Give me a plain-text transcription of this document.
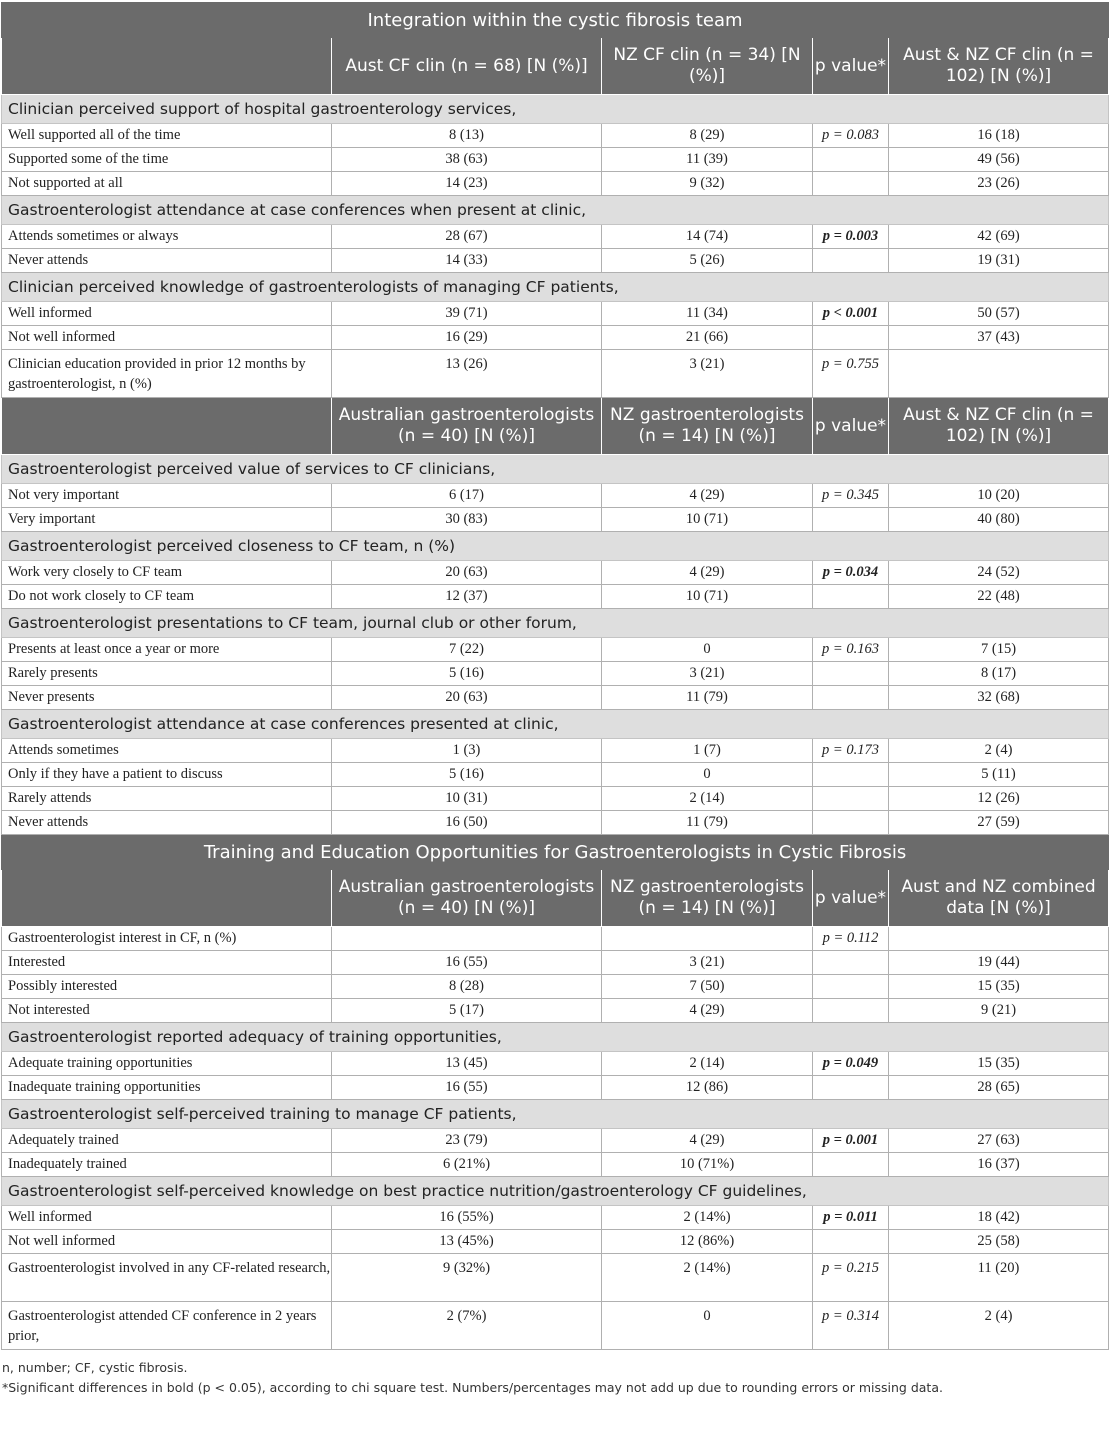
Integration within the cystic fibrosis team				
	Aust CF clin (n = 68) [N (%)]	NZ CF clin (n = 34) [N (%)]	p value*	Aust & NZ CF clin (n = 102) [N (%)]
Clinician perceived support of hospital gastroenterology services,				
Well supported all of the time	8 (13)	8 (29)	p = 0.083	16 (18)
Supported some of the time	38 (63)	11 (39)		49 (56)
Not supported at all	14 (23)	9 (32)		23 (26)
Gastroenterologist attendance at case conferences when present at clinic,				
Attends sometimes or always	28 (67)	14 (74)	p = 0.003	42 (69)
Never attends	14 (33)	5 (26)		19 (31)
Clinician perceived knowledge of gastroenterologists of managing CF patients,				
Well informed	39 (71)	11 (34)	p < 0.001	50 (57)
Not well informed	16 (29)	21 (66)		37 (43)
Clinician education provided in prior 12 months by gastroenterologist, n (%)	13 (26)	3 (21)	p = 0.755	
	Australian gastroenterologists (n = 40) [N (%)]	NZ gastroenterologists (n = 14) [N (%)]	p value*	Aust & NZ CF clin (n = 102) [N (%)]
Gastroenterologist perceived value of services to CF clinicians,				
Not very important	6 (17)	4 (29)	p = 0.345	10 (20)
Very important	30 (83)	10 (71)		40 (80)
Gastroenterologist perceived closeness to CF team, n (%)				
Work very closely to CF team	20 (63)	4 (29)	p = 0.034	24 (52)
Do not work closely to CF team	12 (37)	10 (71)		22 (48)
Gastroenterologist presentations to CF team, journal club or other forum,				
Presents at least once a year or more	7 (22)	0	p = 0.163	7 (15)
Rarely presents	5 (16)	3 (21)		8 (17)
Never presents	20 (63)	11 (79)		32 (68)
Gastroenterologist attendance at case conferences presented at clinic,				
Attends sometimes	1 (3)	1 (7)	p = 0.173	2 (4)
Only if they have a patient to discuss	5 (16)	0		5 (11)
Rarely attends	10 (31)	2 (14)		12 (26)
Never attends	16 (50)	11 (79)		27 (59)
Training and Education Opportunities for Gastroenterologists in Cystic Fibrosis				
	Australian gastroenterologists (n = 40) [N (%)]	NZ gastroenterologists (n = 14) [N (%)]	p value*	Aust and NZ combined data [N (%)]
Gastroenterologist interest in CF, n (%)			p = 0.112	
Interested	16 (55)	3 (21)		19 (44)
Possibly interested	8 (28)	7 (50)		15 (35)
Not interested	5 (17)	4 (29)		9 (21)
Gastroenterologist reported adequacy of training opportunities,				
Adequate training opportunities	13 (45)	2 (14)	p = 0.049	15 (35)
Inadequate training opportunities	16 (55)	12 (86)		28 (65)
Gastroenterologist self-perceived training to manage CF patients,				
Adequately trained	23 (79)	4 (29)	p = 0.001	27 (63)
Inadequately trained	6 (21%)	10 (71%)		16 (37)
Gastroenterologist self-perceived knowledge on best practice nutrition/gastroenterology CF guidelines,				
Well informed	16 (55%)	2 (14%)	p = 0.011	18 (42)
Not well informed	13 (45%)	12 (86%)		25 (58)
Gastroenterologist involved in any CF-related research,	9 (32%)	2 (14%)	p = 0.215	11 (20)
Gastroenterologist attended CF conference in 2 years prior,	2 (7%)	0	p = 0.314	2 (4)
n, number; CF, cystic fibrosis.
*Significant differences in bold (p < 0.05), according to chi square test. Numbers/percentages may not add up due to rounding errors or missing data.
